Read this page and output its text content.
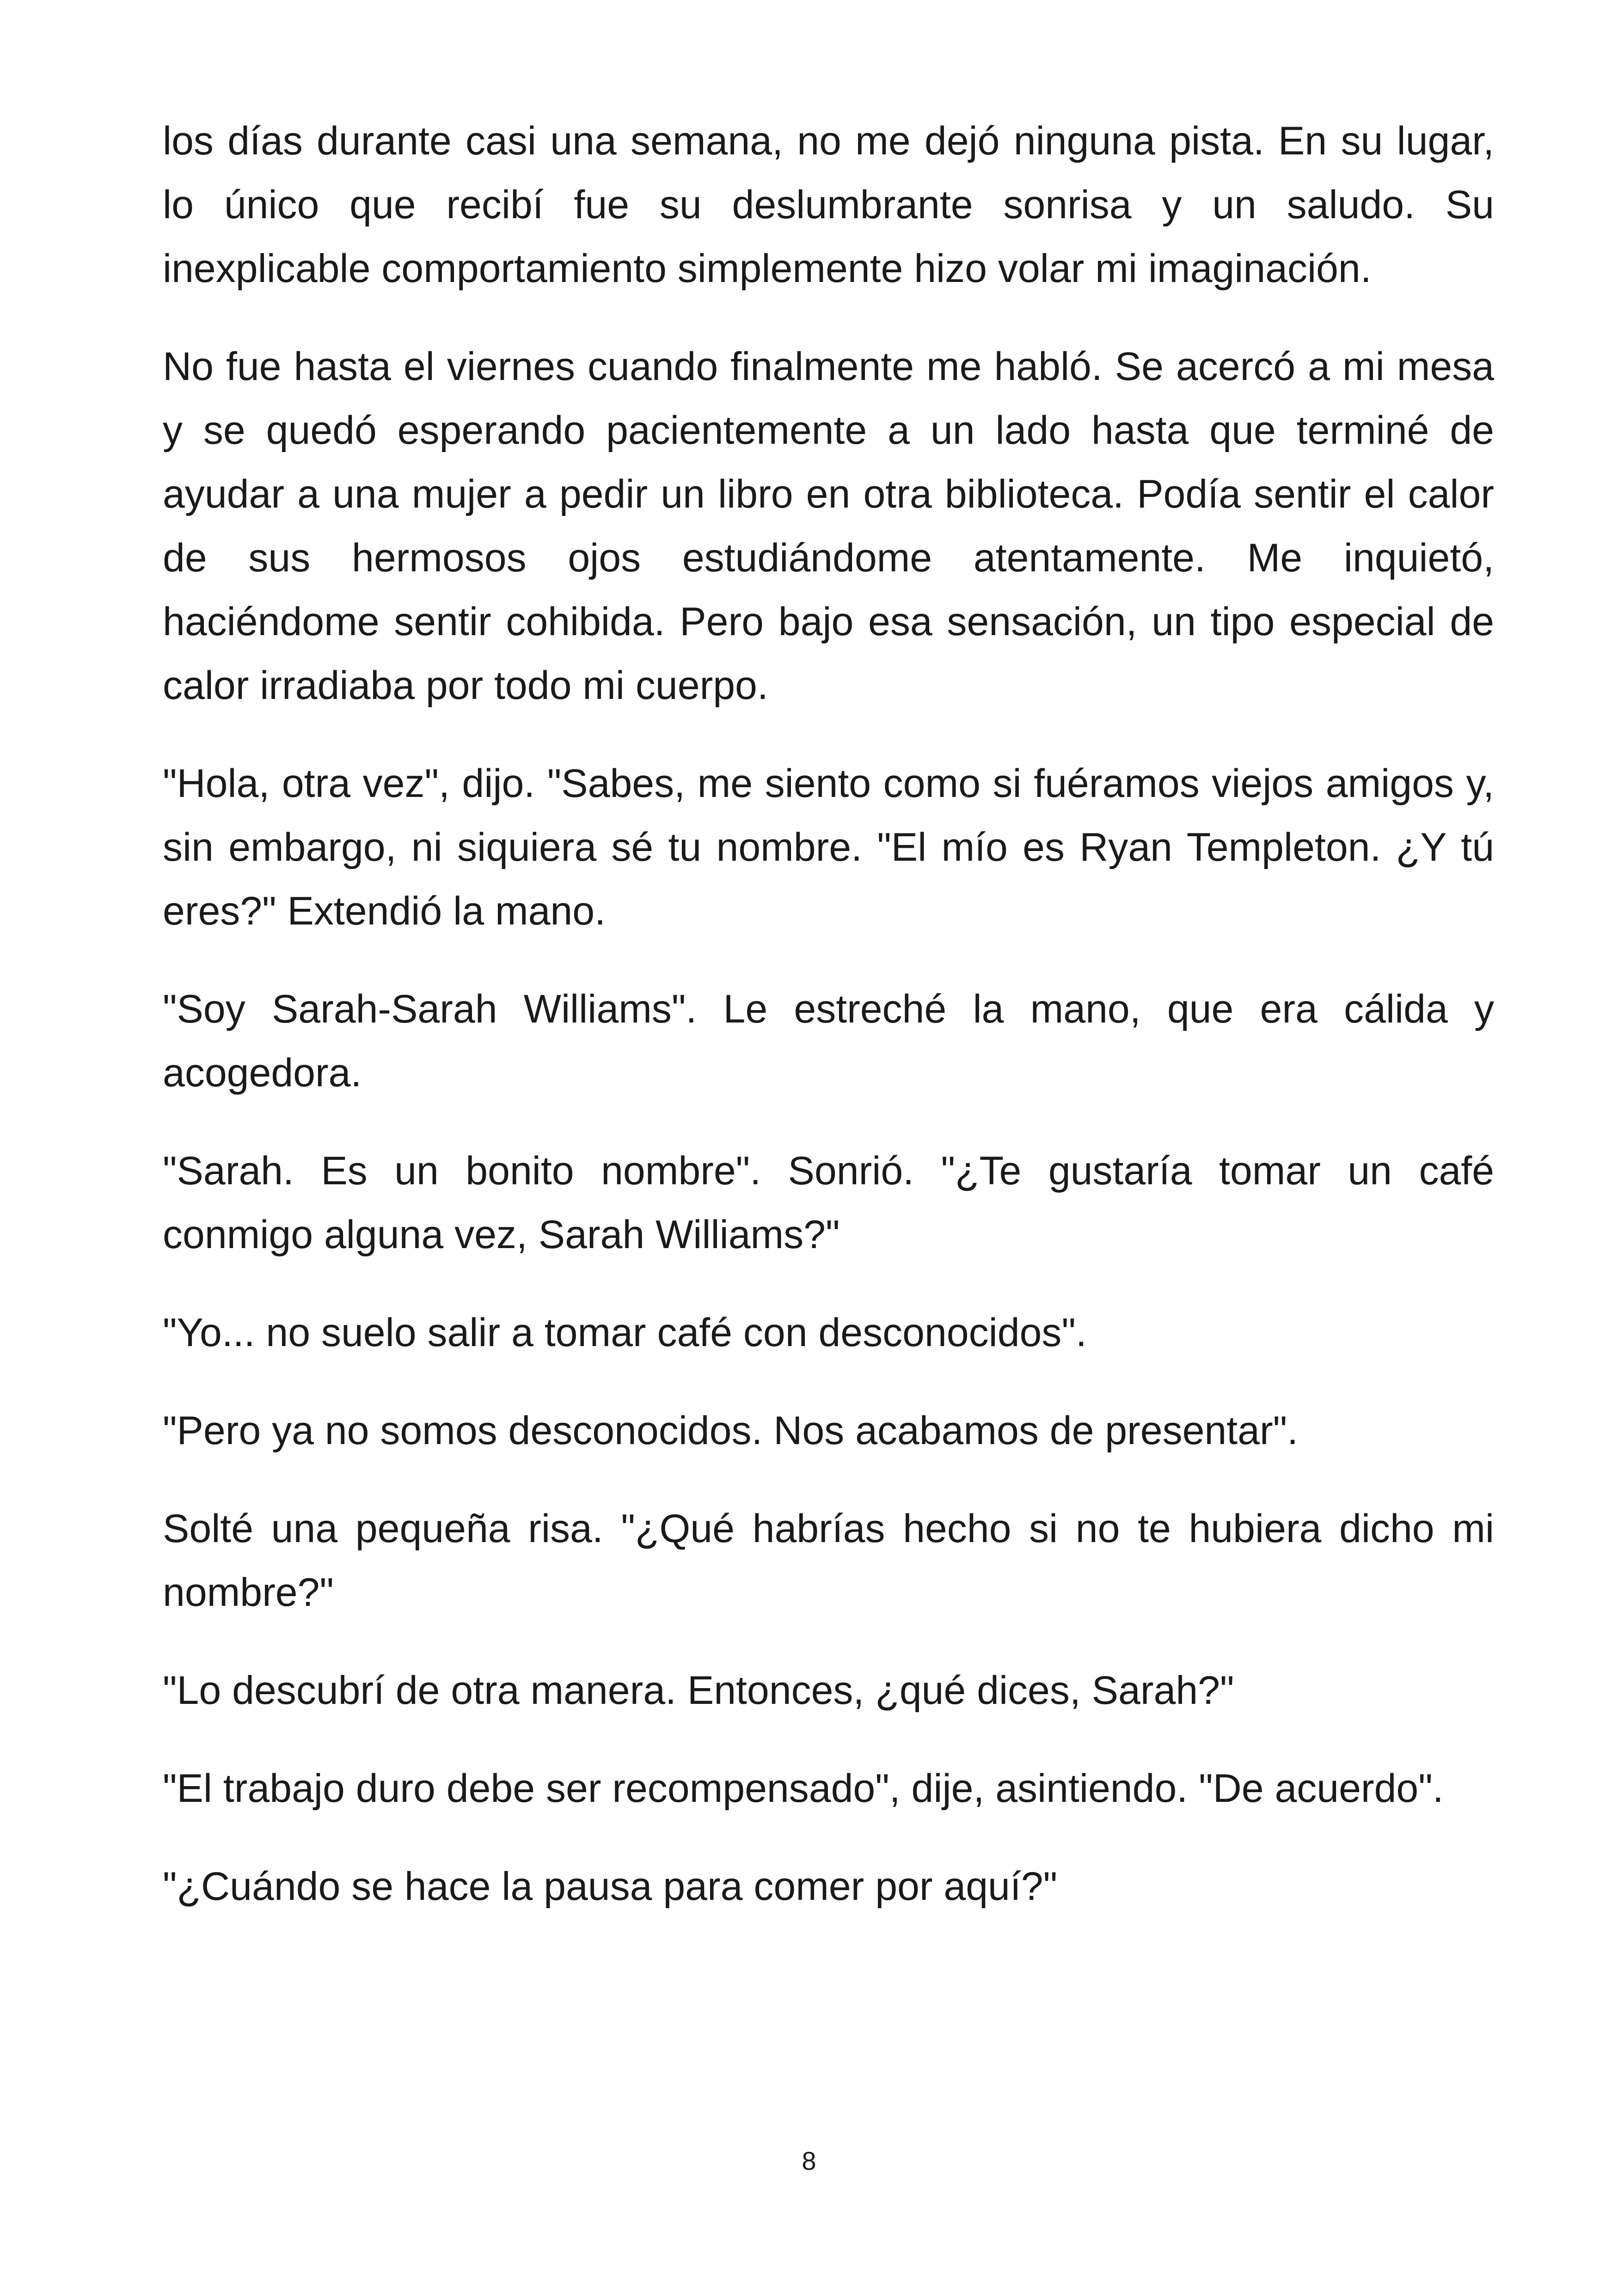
los días durante casi una semana, no me dejó ninguna pista. En su lugar, lo único que recibí fue su deslumbrante sonrisa y un saludo. Su inexplicable comportamiento simplemente hizo volar mi imaginación.

No fue hasta el viernes cuando finalmente me habló. Se acercó a mi mesa y se quedó esperando pacientemente a un lado hasta que terminé de ayudar a una mujer a pedir un libro en otra biblioteca. Podía sentir el calor de sus hermosos ojos estudiándome atentamente. Me inquietó, haciéndome sentir cohibida. Pero bajo esa sensación, un tipo especial de calor irradiaba por todo mi cuerpo.

"Hola, otra vez", dijo. "Sabes, me siento como si fuéramos viejos amigos y, sin embargo, ni siquiera sé tu nombre. "El mío es Ryan Templeton. ¿Y tú eres?" Extendió la mano.

"Soy Sarah-Sarah Williams". Le estreché la mano, que era cálida y acogedora.

"Sarah. Es un bonito nombre". Sonrió. "¿Te gustaría tomar un café conmigo alguna vez, Sarah Williams?"

"Yo... no suelo salir a tomar café con desconocidos".

"Pero ya no somos desconocidos. Nos acabamos de presentar".

Solté una pequeña risa. "¿Qué habrías hecho si no te hubiera dicho mi nombre?"

"Lo descubrí de otra manera. Entonces, ¿qué dices, Sarah?"

"El trabajo duro debe ser recompensado", dije, asintiendo. "De acuerdo".

"¿Cuándo se hace la pausa para comer por aquí?"

8
